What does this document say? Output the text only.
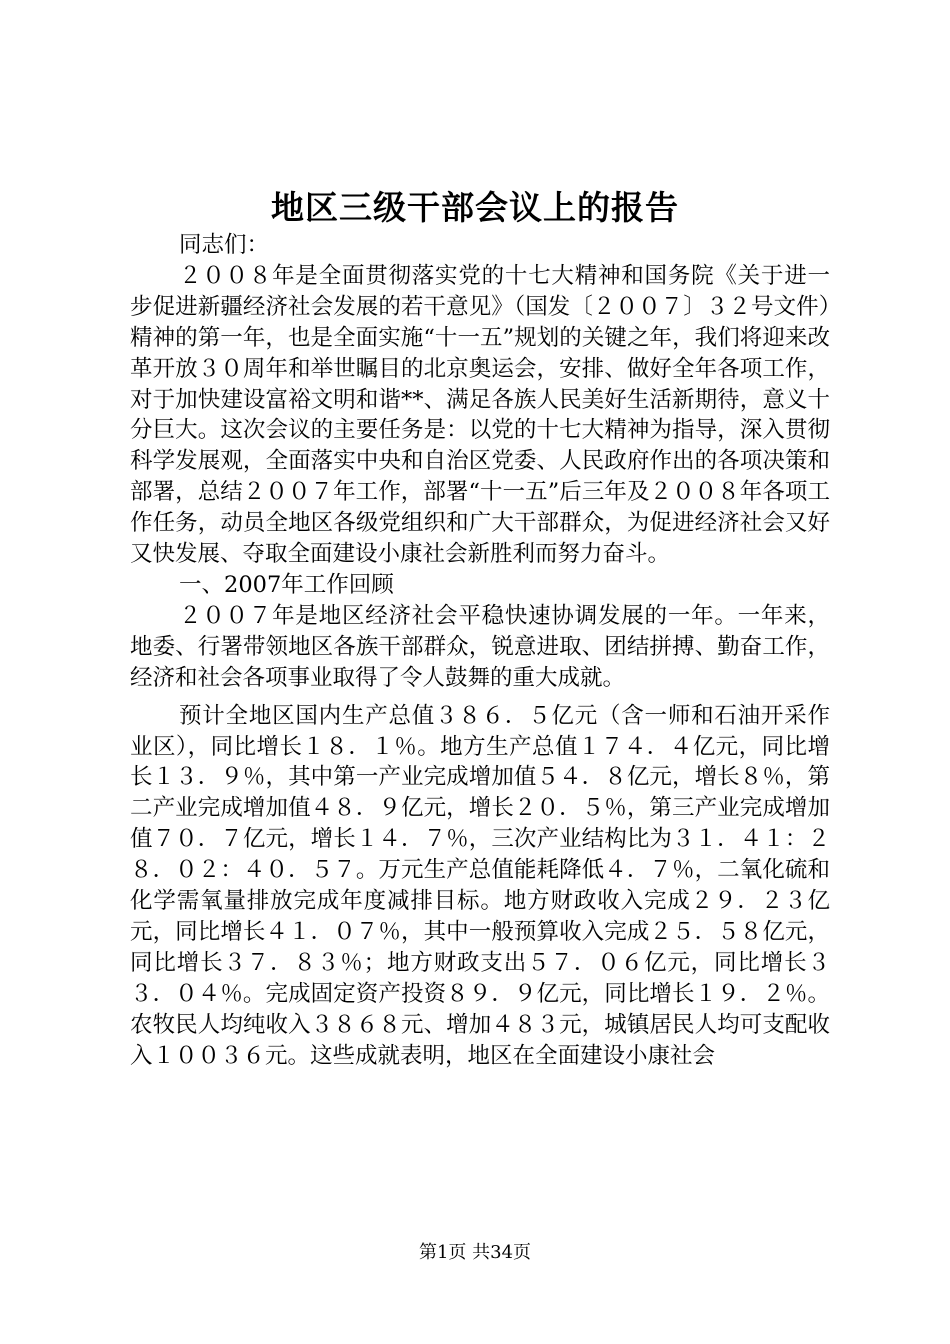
地区三级干部会议上的报告

同志们：

２００８年是全面贯彻落实党的十七大精神和国务院《关于进一步促进新疆经济社会发展的若干意见》（国发〔２００７〕３２号文件）精神的第一年，也是全面实施“十一五”规划的关键之年，我们将迎来改革开放３０周年和举世瞩目的北京奥运会，安排、做好全年各项工作，对于加快建设富裕文明和谐**、满足各族人民美好生活新期待，意义十分巨大。这次会议的主要任务是：以党的十七大精神为指导，深入贯彻科学发展观，全面落实中央和自治区党委、人民政府作出的各项决策和部署，总结２００７年工作，部署“十一五”后三年及２００８年各项工作任务，动员全地区各级党组织和广大干部群众，为促进经济社会又好又快发展、夺取全面建设小康社会新胜利而努力奋斗。

一、2007年工作回顾

２００７年是地区经济社会平稳快速协调发展的一年。一年来，地委、行署带领地区各族干部群众，锐意进取、团结拼搏、勤奋工作，经济和社会各项事业取得了令人鼓舞的重大成就。

预计全地区国内生产总值３８６．５亿元（含一师和石油开采作业区），同比增长１８．１％。地方生产总值１７４．４亿元，同比增长１３．９％，其中第一产业完成增加值５４．８亿元，增长８％，第二产业完成增加值４８．９亿元，增长２０．５％，第三产业完成增加值７０．７亿元，增长１４．７％，三次产业结构比为３１．４１：２８．０２：４０．５７。万元生产总值能耗降低４．７％，二氧化硫和化学需氧量排放完成年度减排目标。地方财政收入完成２９．２３亿元，同比增长４１．０７％，其中一般预算收入完成２５．５８亿元，同比增长３７．８３％；地方财政支出５７．０６亿元，同比增长３３．０４％。完成固定资产投资８９．９亿元，同比增长１９．２％。农牧民人均纯收入３８６８元、增加４８３元，城镇居民人均可支配收入１００３６元。这些成就表明，地区在全面建设小康社会

第1页 共34页
